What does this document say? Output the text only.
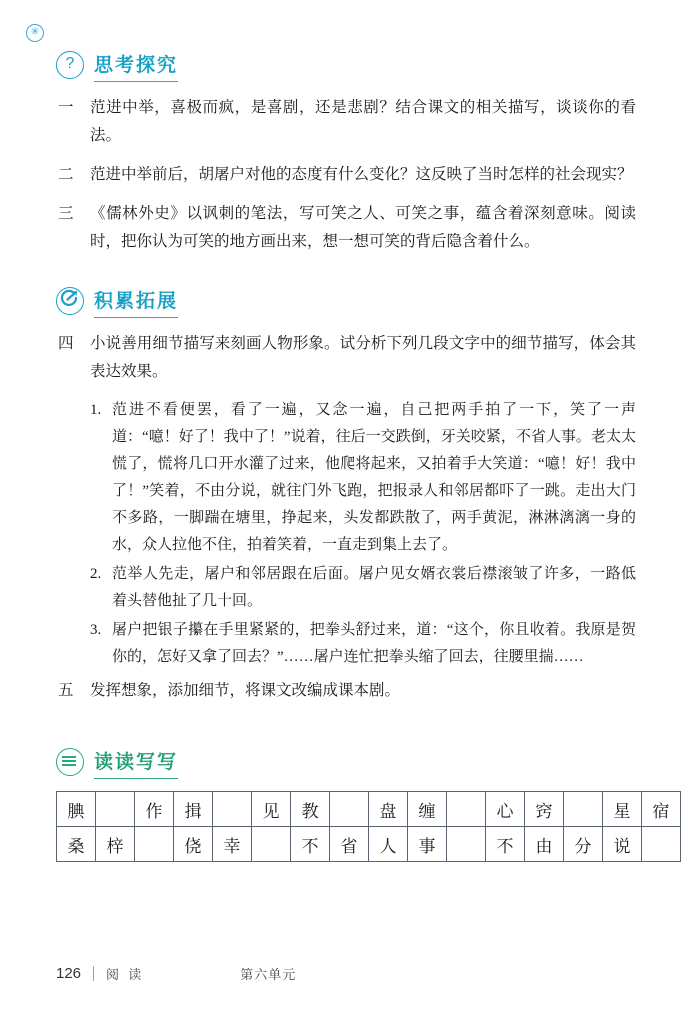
✳
?	思考探究
一	范进中举，喜极而疯，是喜剧，还是悲剧？结合课文的相关描写，谈谈你的看法。
二	范进中举前后，胡屠户对他的态度有什么变化？这反映了当时怎样的社会现实？
三	《儒林外史》以讽刺的笔法，写可笑之人、可笑之事，蕴含着深刻意味。阅读时，把你认为可笑的地方画出来，想一想可笑的背后隐含着什么。
积累拓展
四	小说善用细节描写来刻画人物形象。试分析下列几段文字中的细节描写，体会其表达效果。
1. 范进不看便罢，看了一遍，又念一遍，自己把两手拍了一下，笑了一声道：“噫！好了！我中了！”说着，往后一交跌倒，牙关咬紧，不省人事。老太太慌了，慌将几口开水灌了过来，他爬将起来，又拍着手大笑道：“噫！好！我中了！”笑着，不由分说，就往门外飞跑，把报录人和邻居都吓了一跳。走出大门不多路，一脚踹在塘里，挣起来，头发都跌散了，两手黄泥，淋淋漓漓一身的水，众人拉他不住，拍着笑着，一直走到集上去了。
2. 范举人先走，屠户和邻居跟在后面。屠户见女婿衣裳后襟滚皱了许多，一路低着头替他扯了几十回。
3. 屠户把银子攥在手里紧紧的，把拳头舒过来，道：“这个，你且收着。我原是贺你的，怎好又拿了回去？”……屠户连忙把拳头缩了回去，往腰里揣……
五	发挥想象，添加细节，将课文改编成课本剧。
读读写写
腆		作	揖		见	教		盘	缠		心	窍		星	宿
桑	梓		侥	幸		不	省	人	事		不	由	分	说	
126 阅 读	第六单元
